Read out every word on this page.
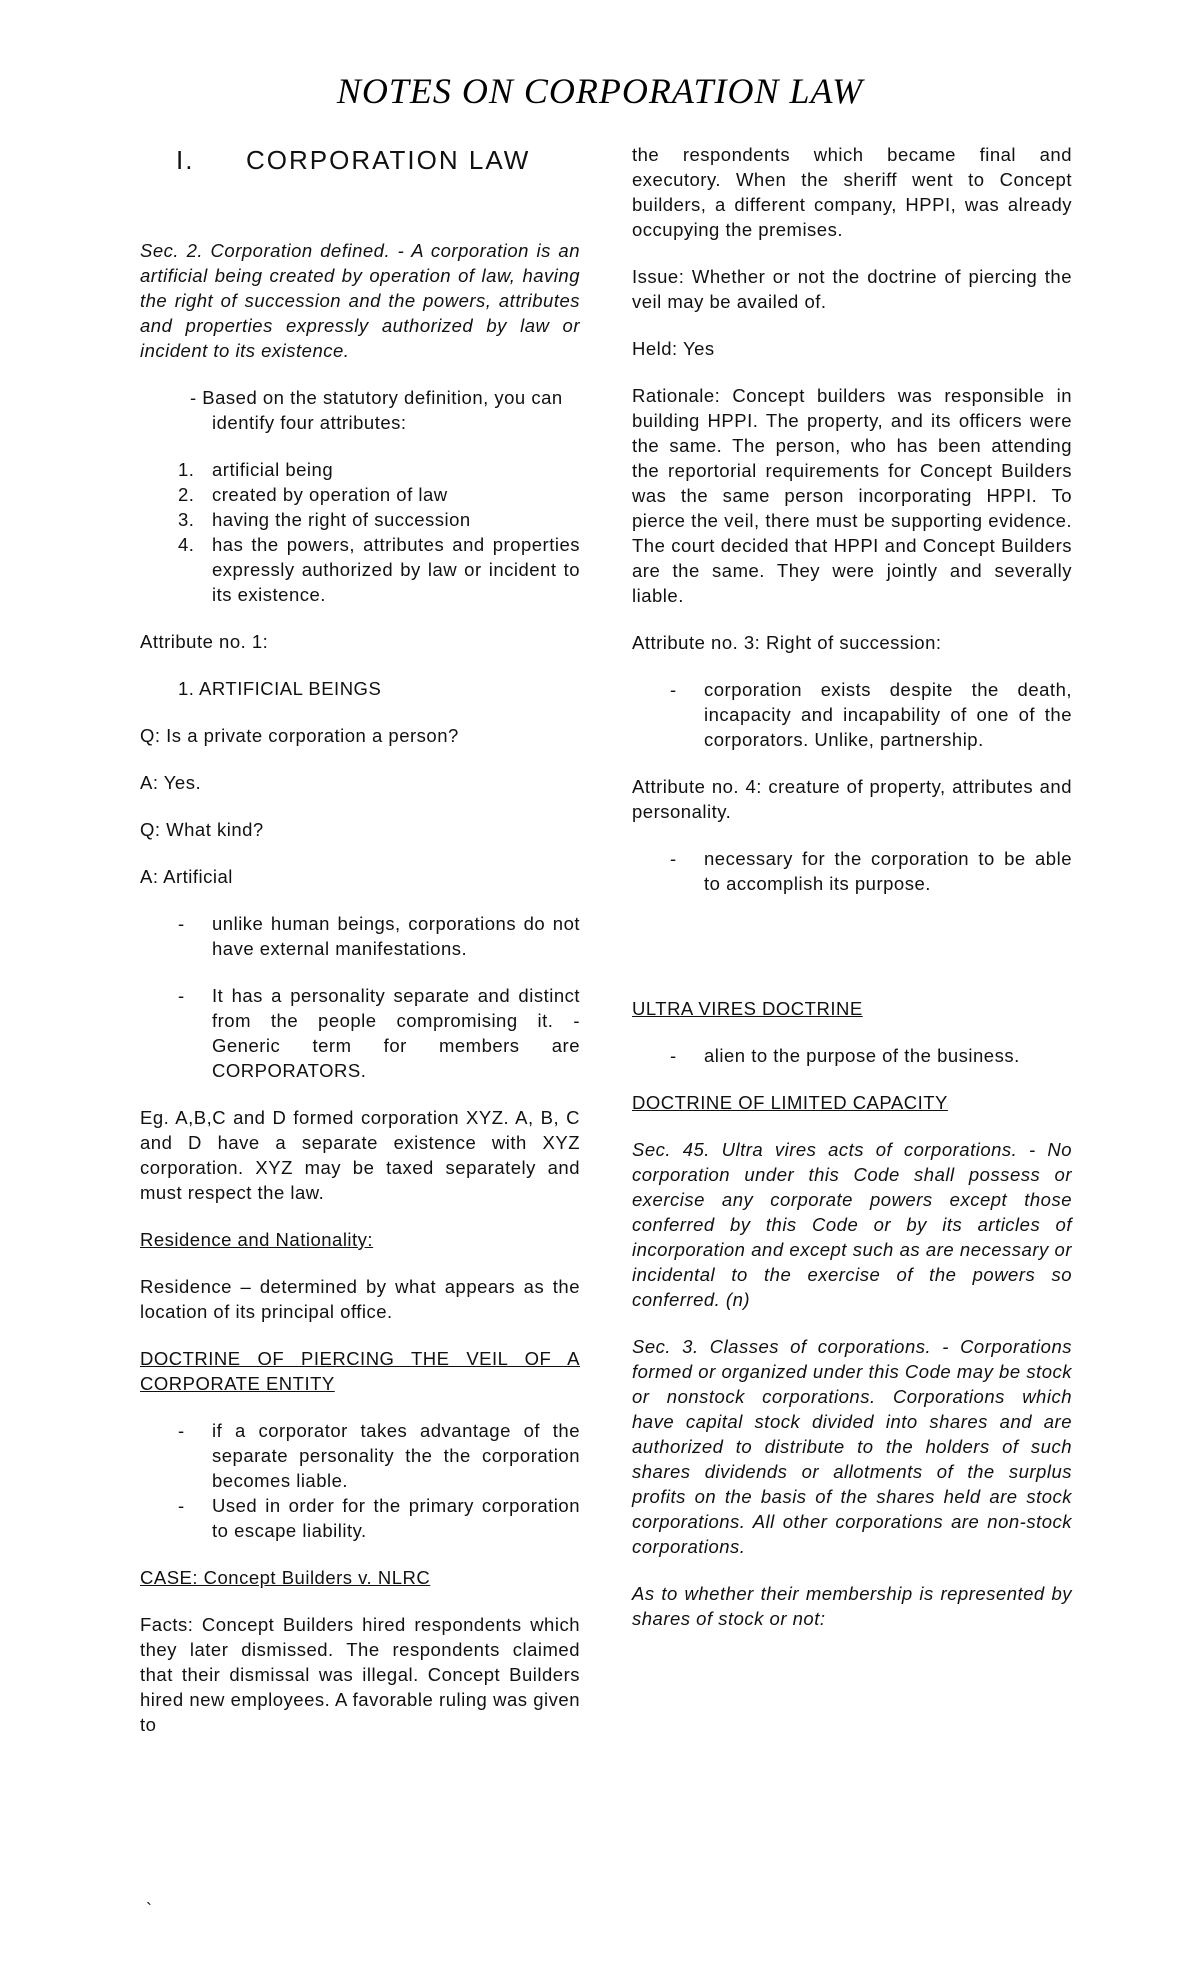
NOTES ON CORPORATION LAW
I. CORPORATION LAW

Sec. 2. Corporation defined. - A corporation is an artificial being created by operation of law, having the right of succession and the powers, attributes and properties expressly authorized by law or incident to its existence.

- Based on the statutory definition, you can identify four attributes:

1. artificial being
2. created by operation of law
3. having the right of succession
4. has the powers, attributes and properties expressly authorized by law or incident to its existence.

Attribute no. 1:

1. ARTIFICIAL BEINGS

Q: Is a private corporation a person?

A: Yes.

Q: What kind?

A: Artificial

- unlike human beings, corporations do not have external manifestations.
- It has a personality separate and distinct from the people compromising it. - Generic term for members are CORPORATORS.

Eg. A,B,C and D formed corporation XYZ. A, B, C and D have a separate existence with XYZ corporation. XYZ may be taxed separately and must respect the law.

Residence and Nationality:

Residence – determined by what appears as the location of its principal office.

DOCTRINE OF PIERCING THE VEIL OF A CORPORATE ENTITY

- if a corporator takes advantage of the separate personality the the corporation becomes liable.
- Used in order for the primary corporation to escape liability.

CASE: Concept Builders v. NLRC

Facts: Concept Builders hired respondents which they later dismissed. The respondents claimed that their dismissal was illegal. Concept Builders hired new employees. A favorable ruling was given to

the respondents which became final and executory. When the sheriff went to Concept builders, a different company, HPPI, was already occupying the premises.

Issue: Whether or not the doctrine of piercing the veil may be availed of.

Held: Yes

Rationale: Concept builders was responsible in building HPPI. The property, and its officers were the same. The person, who has been attending the reportorial requirements for Concept Builders was the same person incorporating HPPI. To pierce the veil, there must be supporting evidence. The court decided that HPPI and Concept Builders are the same. They were jointly and severally liable.

Attribute no. 3: Right of succession:

- corporation exists despite the death, incapacity and incapability of one of the corporators. Unlike, partnership.

Attribute no. 4: creature of property, attributes and personality.

- necessary for the corporation to be able to accomplish its purpose.

ULTRA VIRES DOCTRINE

- alien to the purpose of the business.

DOCTRINE OF LIMITED CAPACITY

Sec. 45. Ultra vires acts of corporations. - No corporation under this Code shall possess or exercise any corporate powers except those conferred by this Code or by its articles of incorporation and except such as are necessary or incidental to the exercise of the powers so conferred. (n)

Sec. 3. Classes of corporations. - Corporations formed or organized under this Code may be stock or nonstock corporations. Corporations which have capital stock divided into shares and are authorized to distribute to the holders of such shares dividends or allotments of the surplus profits on the basis of the shares held are stock corporations. All other corporations are non-stock corporations.

As to whether their membership is represented by shares of stock or not:

`
